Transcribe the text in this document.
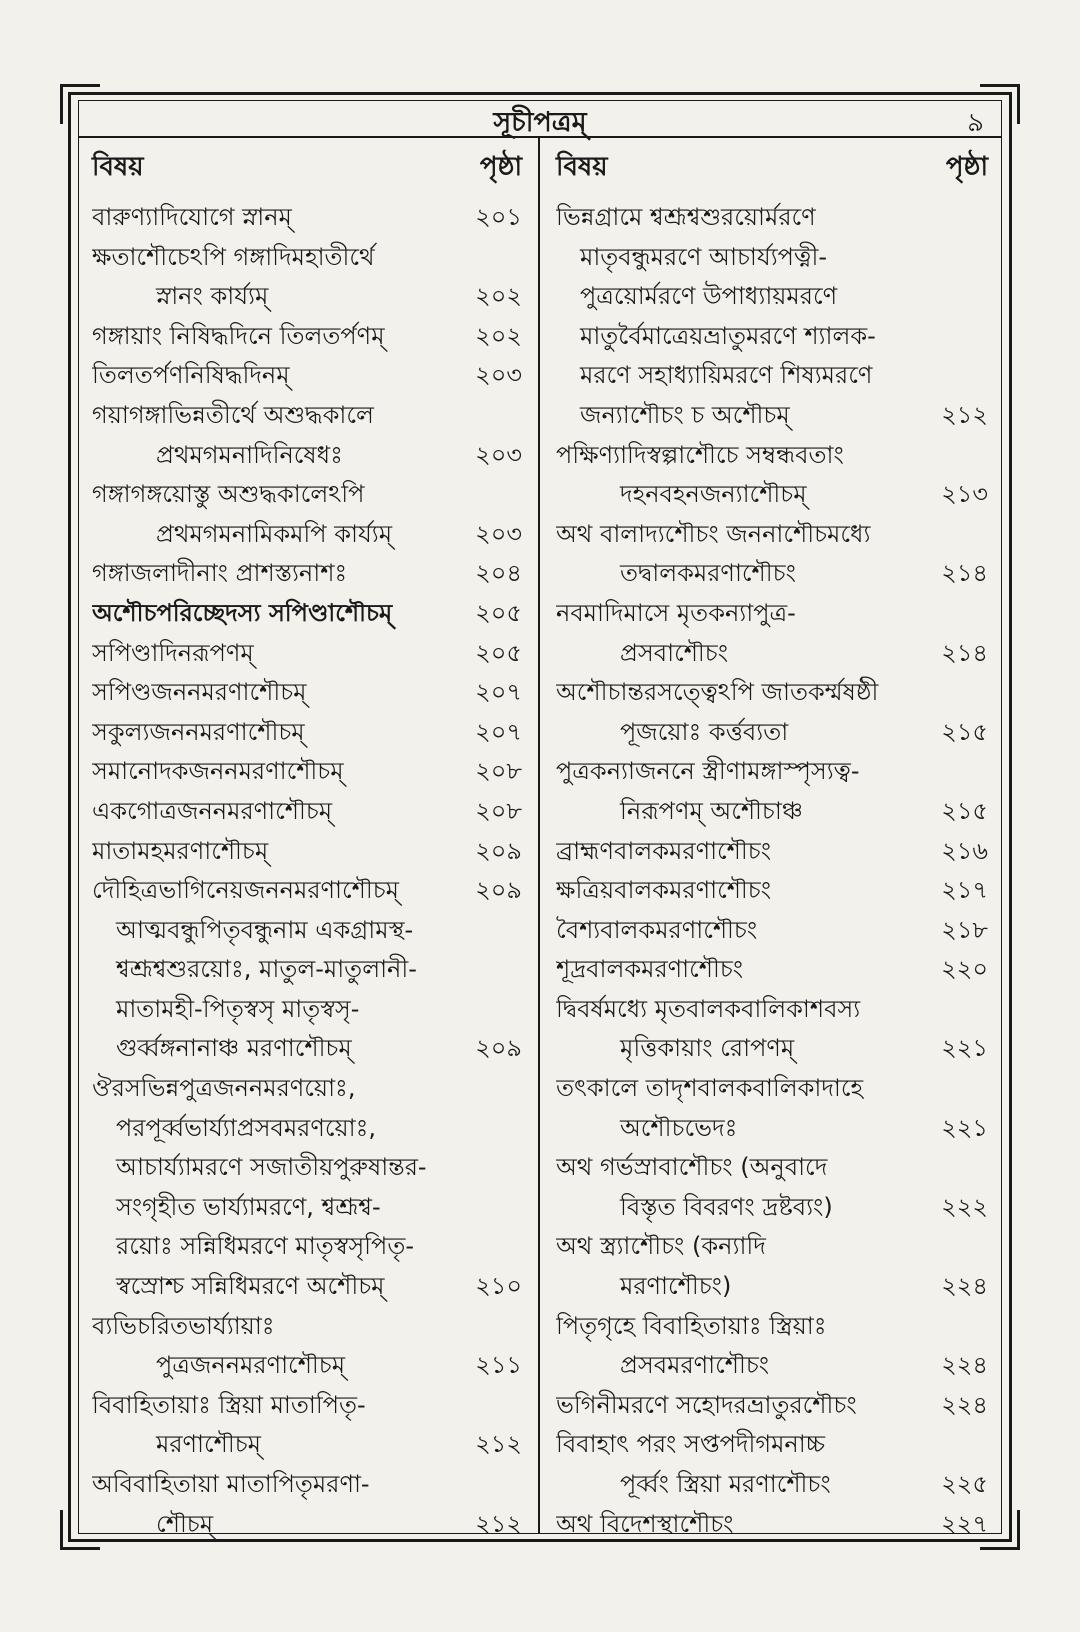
সূচীপত্রম্	৯
বিষয়	পৃষ্ঠা
বারুণ্যাদিযোগে স্নানম্	২০১
ক্ষতাশৌচেঽপি গঙ্গাদিমহাতীর্থে
স্নানং কার্য্যম্	২০২
গঙ্গায়াং নিষিদ্ধদিনে তিলতর্পণম্	২০২
তিলতর্পণনিষিদ্ধদিনম্	২০৩
গয়াগঙ্গাভিন্নতীর্থে অশুদ্ধকালে
প্রথমগমনাদিনিষেধঃ	২০৩
গঙ্গাগঙ্গয়োস্তু অশুদ্ধকালেঽপি
প্রথমগমনামিকমপি কার্য্যম্	২০৩
গঙ্গাজলাদীনাং প্রাশস্ত্যনাশঃ	২০৪
অশৌচপরিচ্ছেদস্য সপিণ্ডাশৌচম্	২০৫
সপিণ্ডাদিনরূপণম্	২০৫
সপিণ্ডজননমরণাশৌচম্	২০৭
সকুল্যজননমরণাশৌচম্	২০৭
সমানোদকজননমরণাশৌচম্	২০৮
একগোত্রজননমরণাশৌচম্	২০৮
মাতামহমরণাশৌচম্	২০৯
দৌহিত্রভাগিনেয়জননমরণাশৌচম্	২০৯
আত্মবন্ধুপিতৃবন্ধুনাম একগ্রামস্থ-
শ্বশ্রূশ্বশুরয়োঃ, মাতুল-মাতুলানী-
মাতামহী-পিতৃস্বসৃ মাতৃস্বসৃ-
গুর্ব্বঙ্গনানাঞ্চ মরণাশৌচম্	২০৯
ঔরসভিন্নপুত্রজননমরণয়োঃ,
পরপূর্ব্বভার্য্যাপ্রসবমরণয়োঃ,
আচার্য্যামরণে সজাতীয়পুরুষান্তর-
সংগৃহীত ভার্য্যামরণে, শ্বশ্রূশ্ব-
রয়োঃ সন্নিধিমরণে মাতৃস্বসৃপিতৃ-
স্বস্রোশ্চ সন্নিধিমরণে অশৌচম্	২১০
ব্যভিচরিতভার্য্যায়াঃ
পুত্রজননমরণাশৌচম্	২১১
বিবাহিতায়াঃ স্ত্রিয়া মাতাপিতৃ-
মরণাশৌচম্	২১২
অবিবাহিতায়া মাতাপিতৃমরণা-
শৌচম্	২১২
বিষয়	পৃষ্ঠা
ভিন্নগ্রামে শ্বশ্রূশ্বশুরয়োর্মরণে
মাতৃবন্ধুমরণে আচার্য্যপত্নী-
পুত্রয়োর্মরণে উপাধ্যায়মরণে
মাতুর্বৈমাত্রেয়ভ্রাতুমরণে শ্যালক-
মরণে সহাধ্যায়িমরণে শিষ্যমরণে
জন্যাশৌচং চ অশৌচম্	২১২
পক্ষিণ্যাদিস্বল্পাশৌচে সম্বন্ধবতাং
দহনবহনজন্যাশৌচম্	২১৩
অথ বালাদ্যশৌচং জননাশৌচমধ্যে
তদ্বালকমরণাশৌচং	২১৪
নবমাদিমাসে মৃতকন্যাপুত্র-
প্রসবাশৌচং	২১৪
অশৌচান্তরসত্ত্বেঽপি জাতকর্ম্মষষ্ঠী
পূজয়োঃ কর্ত্তব্যতা	২১৫
পুত্রকন্যাজননে স্ত্রীণামঙ্গাস্পৃস্যত্ব-
নিরূপণম্ অশৌচাঞ্চ	২১৫
ব্রাহ্মণবালকমরণাশৌচং	২১৬
ক্ষত্রিয়বালকমরণাশৌচং	২১৭
বৈশ্যবালকমরণাশৌচং	২১৮
শূদ্রবালকমরণাশৌচং	২২০
দ্বিবর্ষমধ্যে মৃতবালকবালিকাশবস্য
মৃত্তিকায়াং রোপণম্	২২১
তৎকালে তাদৃশবালকবালিকাদাহে
অশৌচভেদঃ	২২১
অথ গর্ভস্রাবাশৌচং (অনুবাদে
বিস্তৃত বিবরণং দ্রষ্টব্যং)	২২২
অথ স্ত্র্যাশৌচং (কন্যাদি
মরণাশৌচং)	২২৪
পিতৃগৃহে বিবাহিতায়াঃ স্ত্রিয়াঃ
প্রসবমরণাশৌচং	২২৪
ভগিনীমরণে সহোদরভ্রাতুরশৌচং	২২৪
বিবাহাৎ পরং সপ্তপদীগমনাচ্চ
পূর্ব্বং স্ত্রিয়া মরণাশৌচং	২২৫
অথ বিদেশস্থাশৌচং	২২৭
